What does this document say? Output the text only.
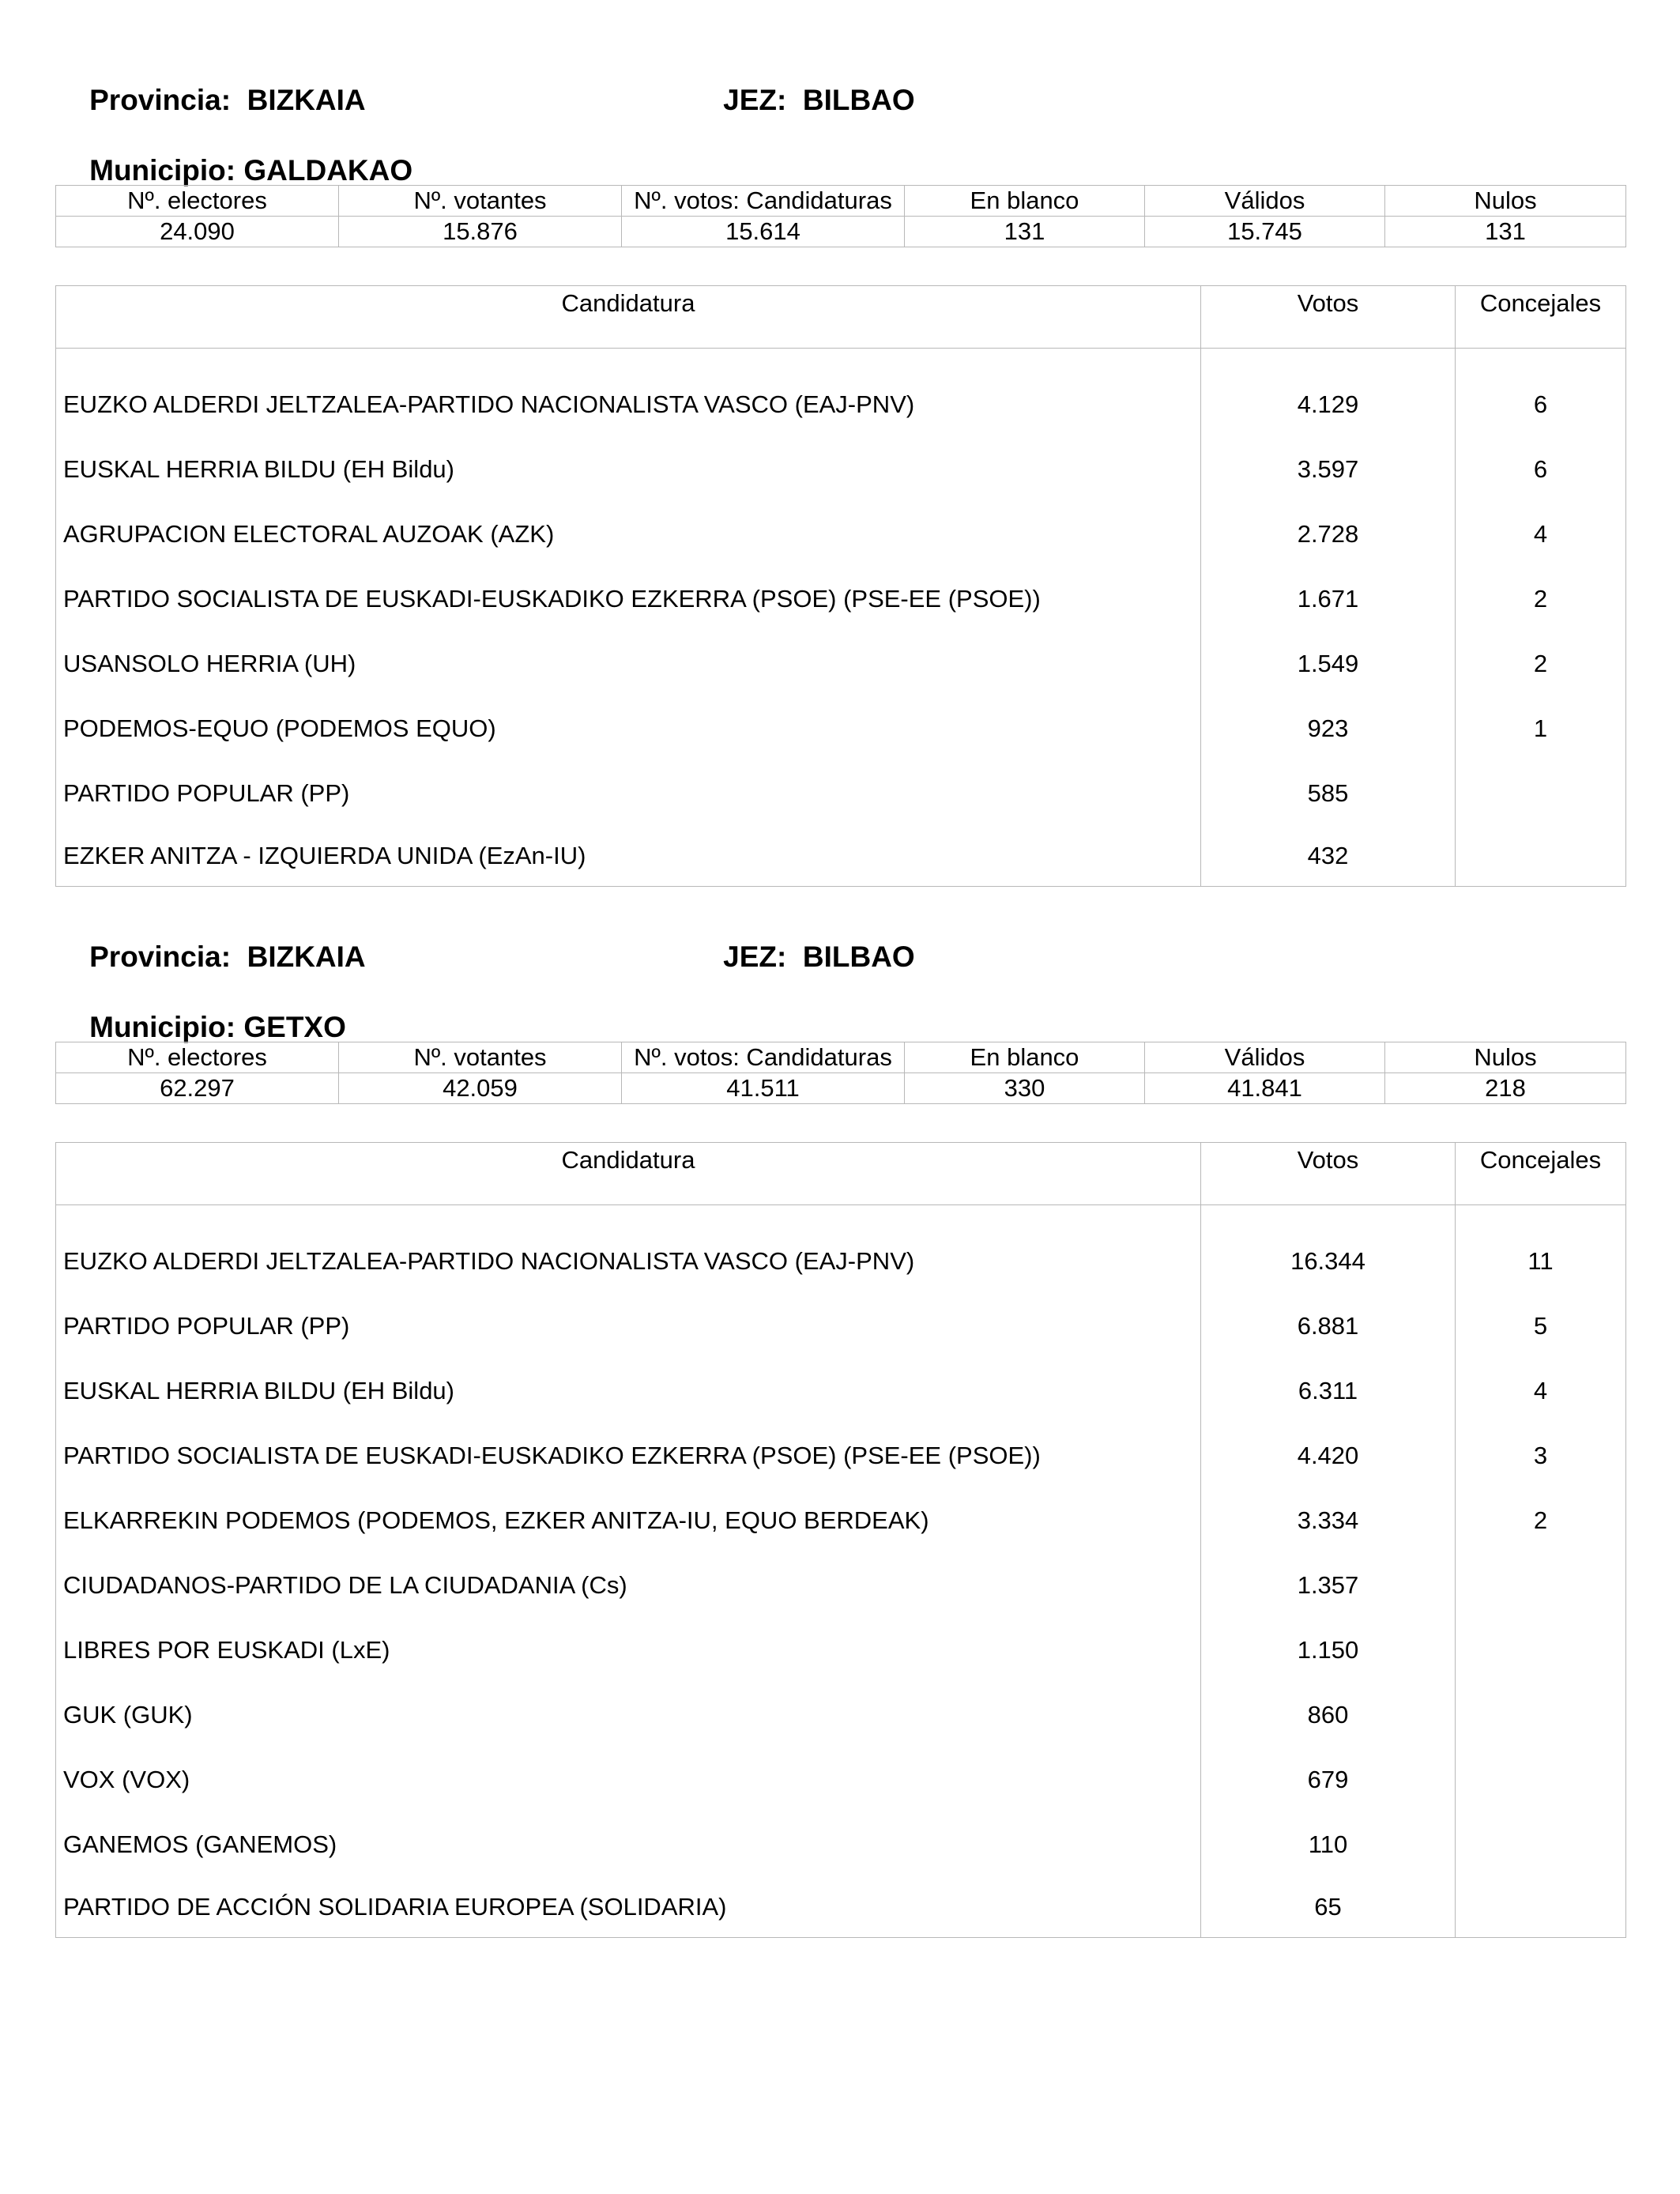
Provincia: BIZKAIA
	JEZ: BILBAO

Municipio: GALDAKAO

Nº. electores	Nº. votantes	Nº. votos: Candidaturas	En blanco	Válidos	Nulos
24.090	15.876	15.614	131	15.745	131
Candidatura	Votos	Concejales
EUZKO ALDERDI JELTZALEA-PARTIDO NACIONALISTA VASCO (EAJ-PNV)	4.129	6
EUSKAL HERRIA BILDU (EH Bildu)	3.597	6
AGRUPACION ELECTORAL AUZOAK (AZK)	2.728	4
PARTIDO SOCIALISTA DE EUSKADI-EUSKADIKO EZKERRA (PSOE) (PSE-EE (PSOE))	1.671	2
USANSOLO HERRIA (UH)	1.549	2
PODEMOS-EQUO (PODEMOS EQUO)	923	1
PARTIDO POPULAR (PP)	585	
EZKER ANITZA - IZQUIERDA UNIDA (EzAn-IU)	432	

Provincia: BIZKAIA
	JEZ: BILBAO

Municipio: GETXO

Nº. electores	Nº. votantes	Nº. votos: Candidaturas	En blanco	Válidos	Nulos
62.297	42.059	41.511	330	41.841	218
Candidatura	Votos	Concejales
EUZKO ALDERDI JELTZALEA-PARTIDO NACIONALISTA VASCO (EAJ-PNV)	16.344	11
PARTIDO POPULAR (PP)	6.881	5
EUSKAL HERRIA BILDU (EH Bildu)	6.311	4
PARTIDO SOCIALISTA DE EUSKADI-EUSKADIKO EZKERRA (PSOE) (PSE-EE (PSOE))	4.420	3
ELKARREKIN PODEMOS (PODEMOS, EZKER ANITZA-IU, EQUO BERDEAK)	3.334	2
CIUDADANOS-PARTIDO DE LA CIUDADANIA (Cs)	1.357	
LIBRES POR EUSKADI (LxE)	1.150	
GUK (GUK)	860	
VOX (VOX)	679	
GANEMOS (GANEMOS)	110	
PARTIDO DE ACCIÓN SOLIDARIA EUROPEA (SOLIDARIA)	65	
